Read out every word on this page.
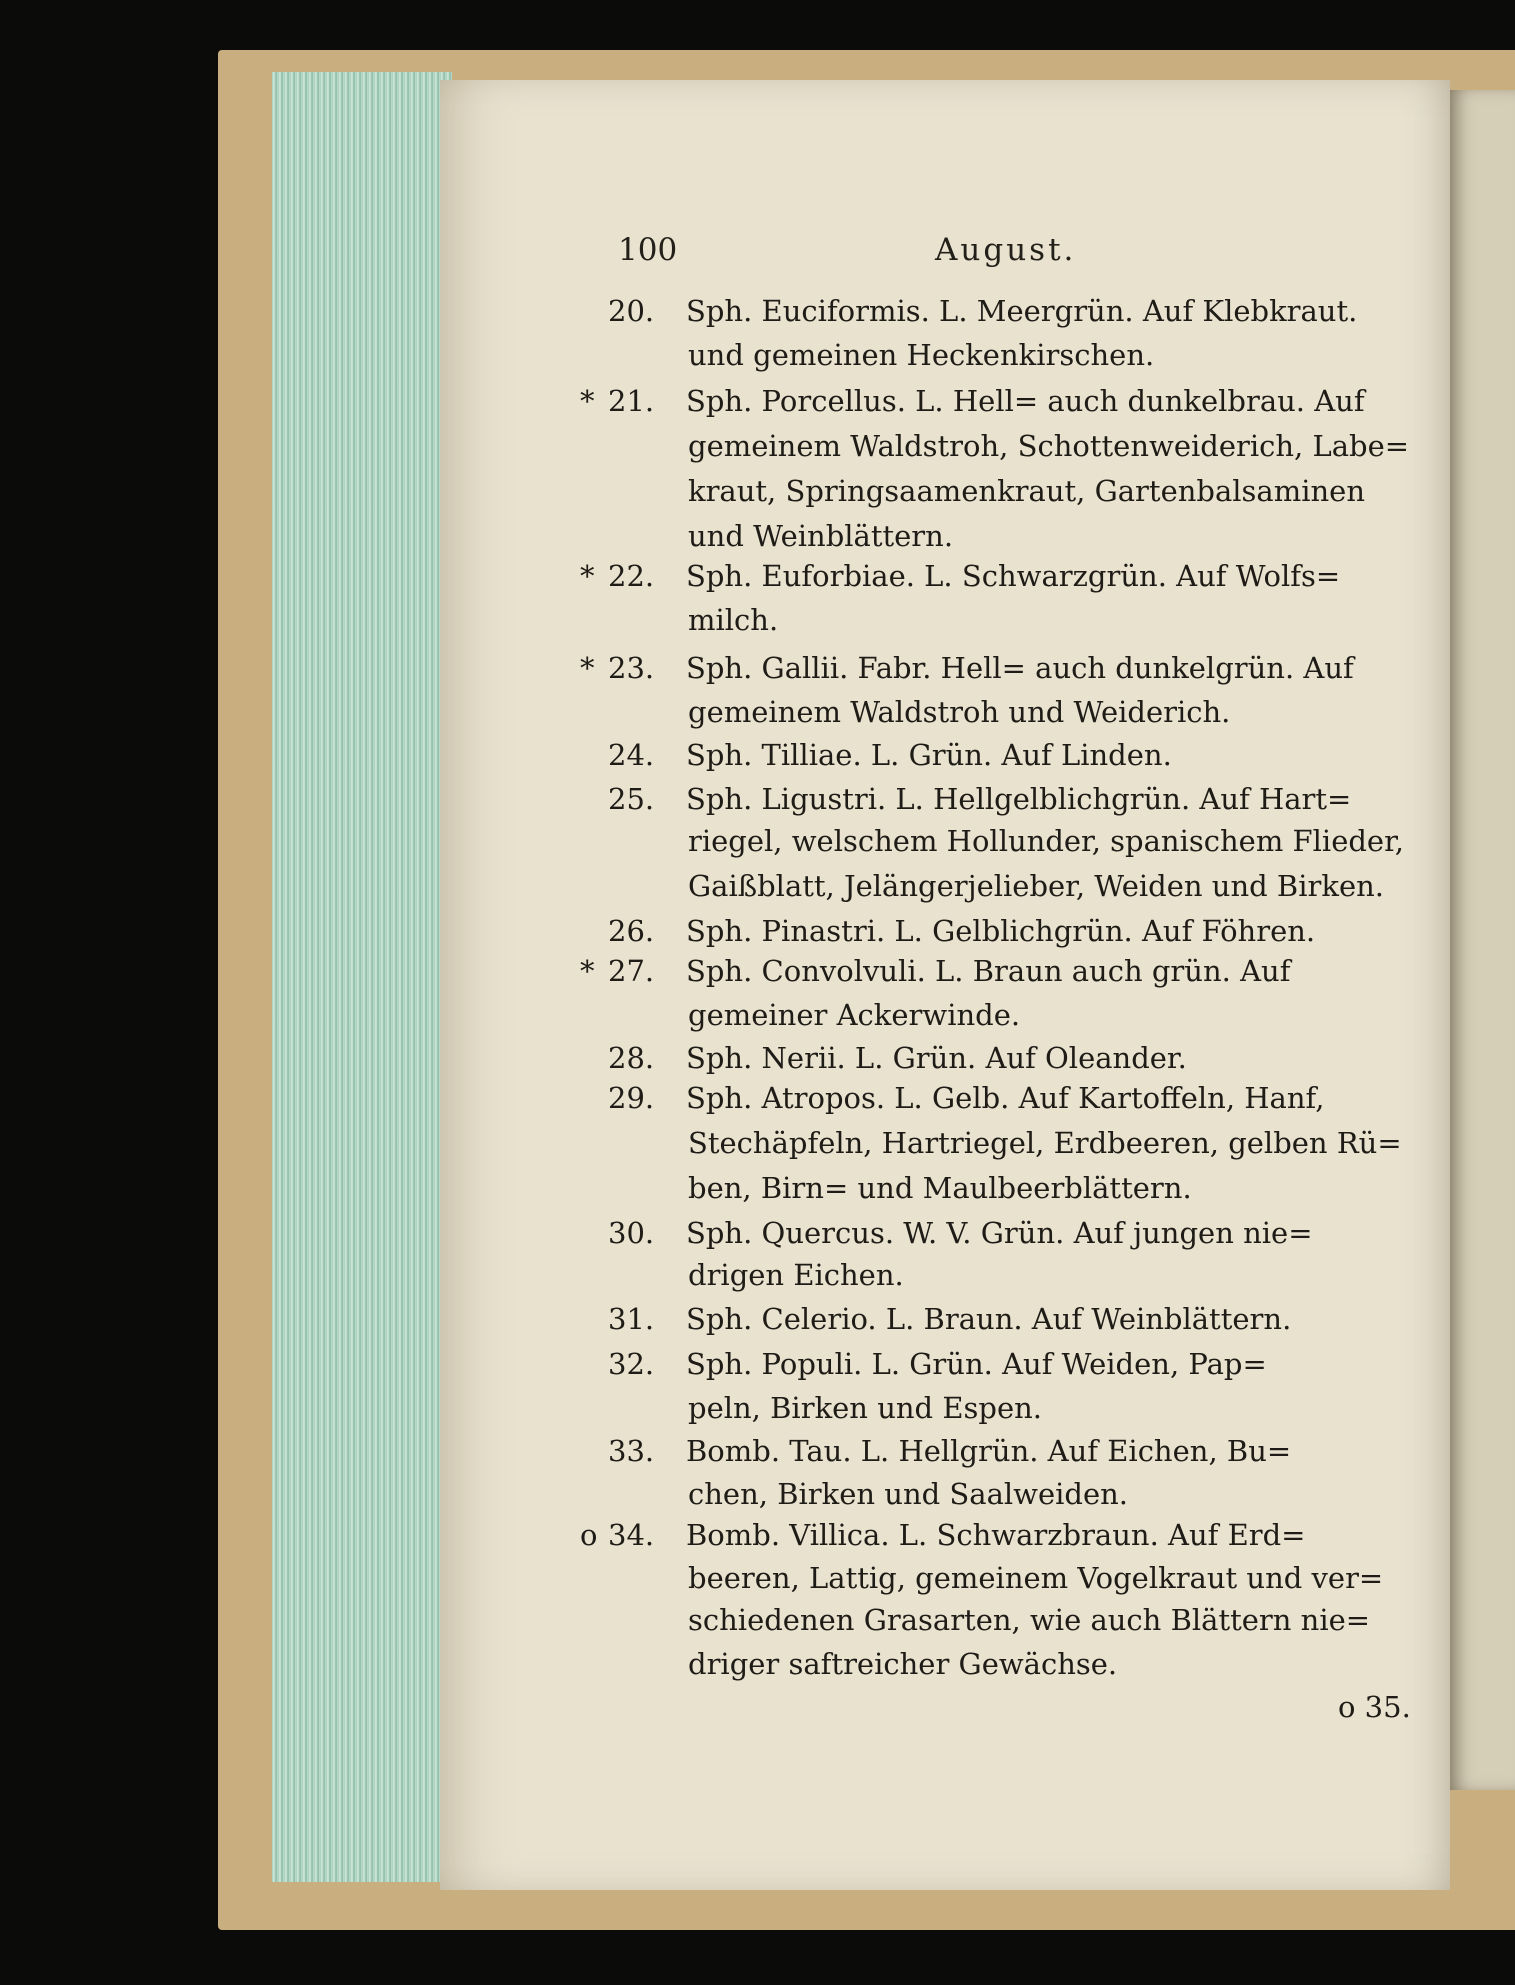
100	August.
20. Sph. Euciformis. L. Meergrün. Auf Klebkraut.
und gemeinen Heckenkirschen.
* 21. Sph. Porcellus. L. Hell= auch dunkelbrau. Auf
gemeinem Waldstroh, Schottenweiderich, Labe=
kraut, Springsaamenkraut, Gartenbalsaminen
und Weinblättern.
* 22. Sph. Euforbiae. L. Schwarzgrün. Auf Wolfs=
milch.
* 23. Sph. Gallii. Fabr. Hell= auch dunkelgrün. Auf
gemeinem Waldstroh und Weiderich.
24. Sph. Tilliae. L. Grün. Auf Linden.
25. Sph. Ligustri. L. Hellgelblichgrün. Auf Hart=
riegel, welschem Hollunder, spanischem Flieder,
Gaißblatt, Jelängerjelieber, Weiden und Birken.
26. Sph. Pinastri. L. Gelblichgrün. Auf Föhren.
* 27. Sph. Convolvuli. L. Braun auch grün. Auf
gemeiner Ackerwinde.
28. Sph. Nerii. L. Grün. Auf Oleander.
29. Sph. Atropos. L. Gelb. Auf Kartoffeln, Hanf,
Stechäpfeln, Hartriegel, Erdbeeren, gelben Rü=
ben, Birn= und Maulbeerblättern.
30. Sph. Quercus. W. V. Grün. Auf jungen nie=
drigen Eichen.
31. Sph. Celerio. L. Braun. Auf Weinblättern.
32. Sph. Populi. L. Grün. Auf Weiden, Pap=
peln, Birken und Espen.
33. Bomb. Tau. L. Hellgrün. Auf Eichen, Bu=
chen, Birken und Saalweiden.
o 34. Bomb. Villica. L. Schwarzbraun. Auf Erd=
beeren, Lattig, gemeinem Vogelkraut und ver=
schiedenen Grasarten, wie auch Blättern nie=
driger saftreicher Gewächse.
o 35.
